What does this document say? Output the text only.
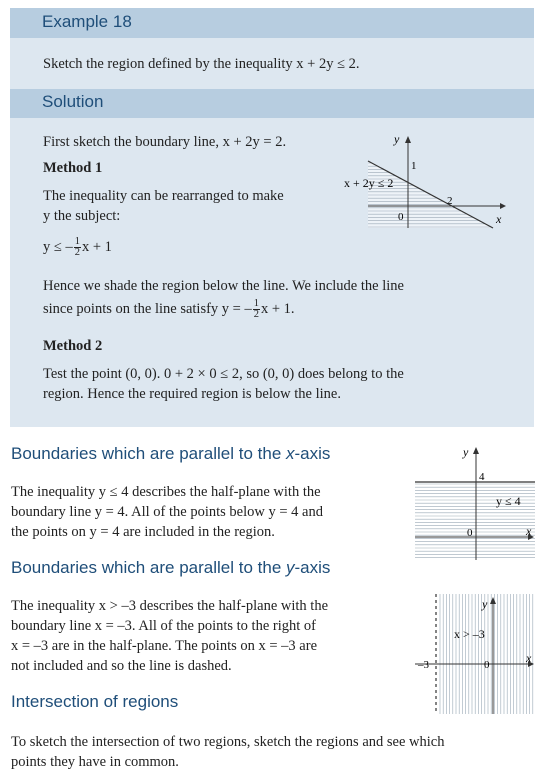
Example 18
Sketch the region defined by the inequality x + 2y ≤ 2.
Solution
First sketch the boundary line, x + 2y = 2.
Method 1
The inequality can be rearranged to make
y the subject:
y ≤ – $\frac{1}{2}$ x + 1
Hence we shade the region below the line. We include the line
since points on the line satisfy y = – $\frac{1}{2}$ x + 1.
Method 2
Test the point (0, 0). 0 + 2 × 0 ≤ 2, so (0, 0) does belong to the
region. Hence the required region is below the line.
y
x
1
2
0
x + 2y ≤ 2
Boundaries which are parallel to the x-axis
The inequality y ≤ 4 describes the half-plane with the
boundary line y = 4. All of the points below y = 4 and
the points on y = 4 are included in the region.
y
x
4
0
y ≤ 4
Boundaries which are parallel to the y-axis
The inequality x > –3 describes the half-plane with the
boundary line x = –3. All of the points to the right of
x = –3 are in the half-plane. The points on x = –3 are
not included and so the line is dashed.
y
x
–3	0
x > –3
Intersection of regions
To sketch the intersection of two regions, sketch the regions and see which
points they have in common.
